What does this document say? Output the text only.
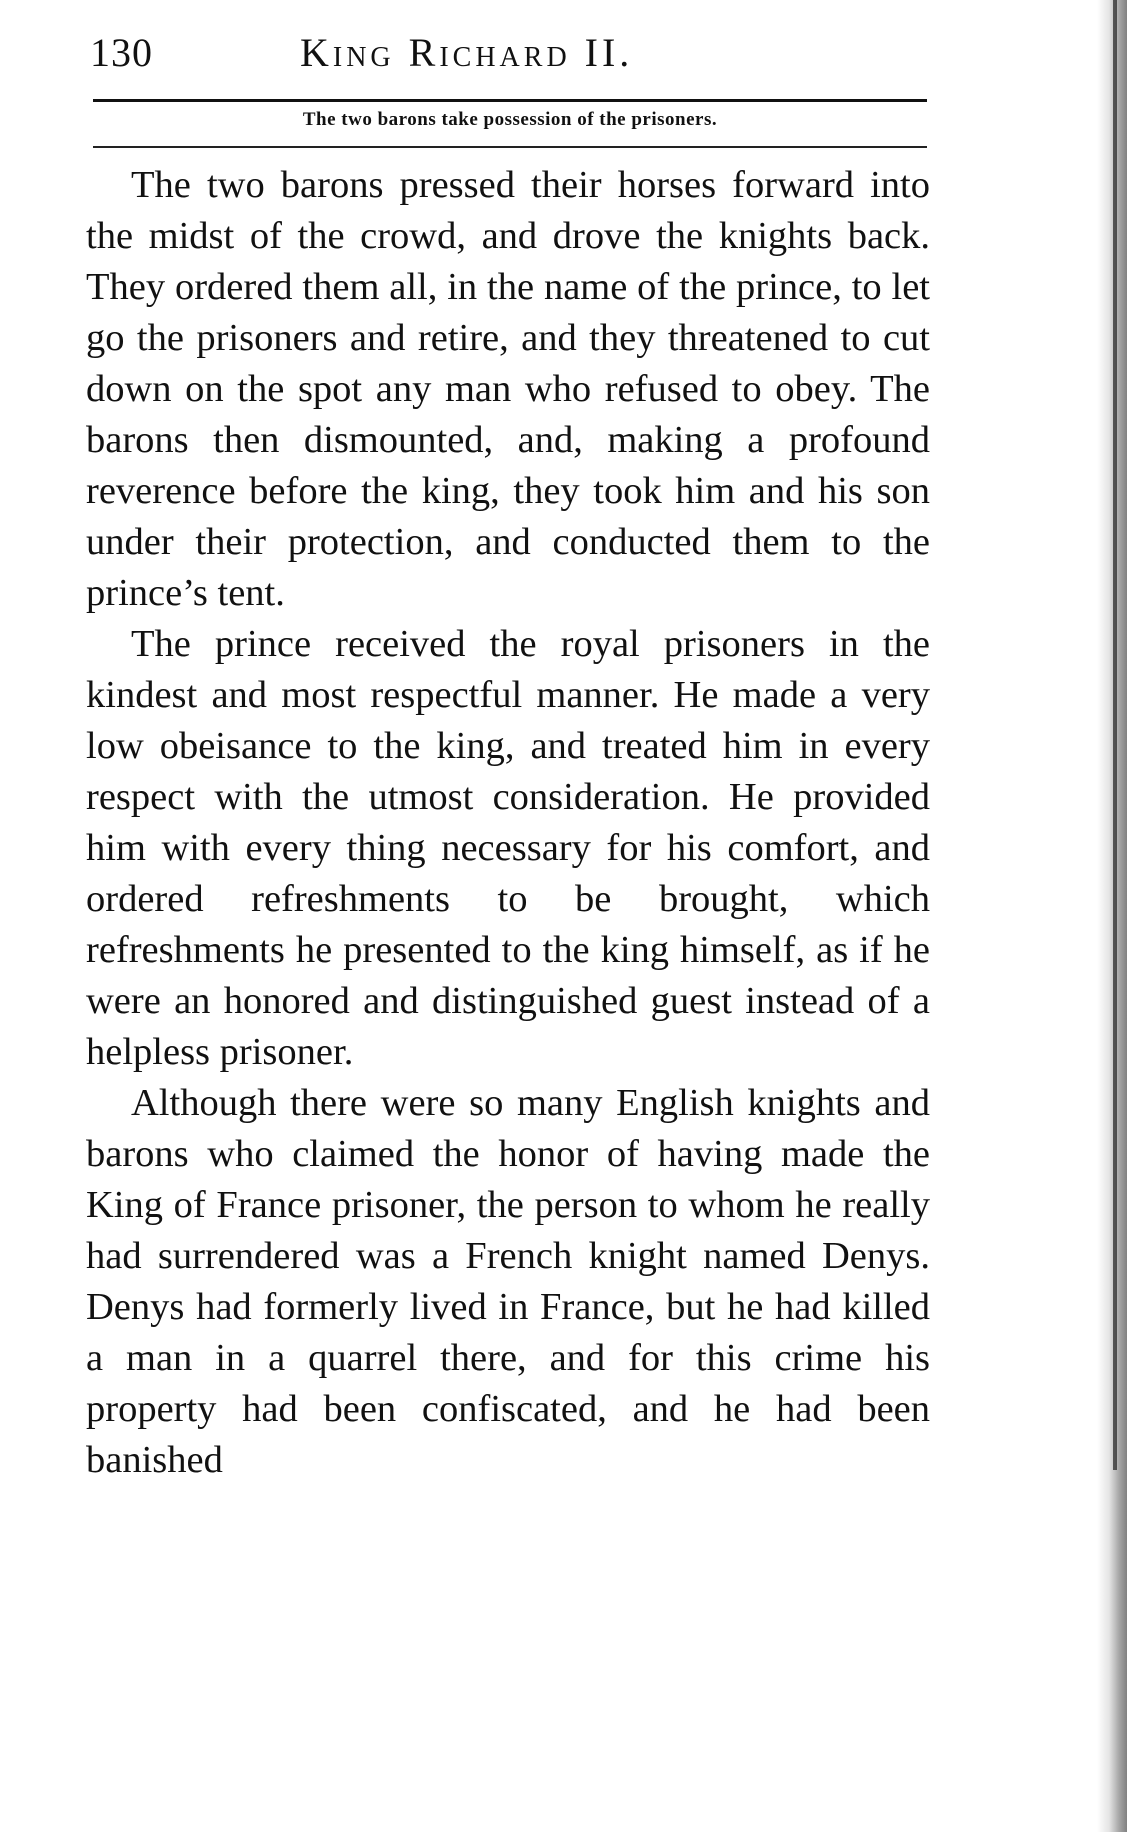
130	King Richard II.
The two barons take possession of the prisoners.

The two barons pressed their horses forward into the midst of the crowd, and drove the knights back. They ordered them all, in the name of the prince, to let go the prisoners and retire, and they threatened to cut down on the spot any man who refused to obey. The barons then dismounted, and, making a profound reverence before the king, they took him and his son under their protection, and conducted them to the prince’s tent.

The prince received the royal prisoners in the kindest and most respectful manner. He made a very low obeisance to the king, and treated him in every respect with the utmost consideration. He provided him with every thing necessary for his comfort, and ordered refreshments to be brought, which refreshments he presented to the king himself, as if he were an honored and distinguished guest instead of a helpless prisoner.

Although there were so many English knights and barons who claimed the honor of having made the King of France prisoner, the person to whom he really had surrendered was a French knight named Denys. Denys had formerly lived in France, but he had killed a man in a quarrel there, and for this crime his property had been confiscated, and he had been banished
